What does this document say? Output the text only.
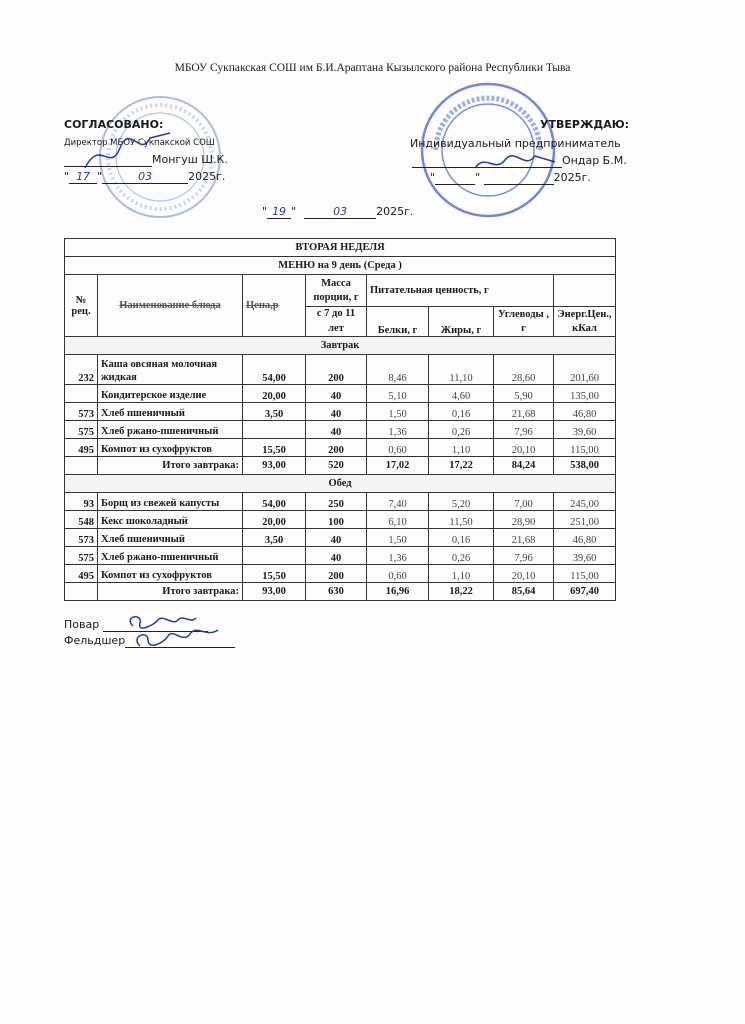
МБОУ Сукпакская СОШ им Б.И.Араптана Кызылского района Республики Тыва
СОГЛАСОВАНО:
Директор МБОУ Сукпакской СОШ
Монгуш Ш.К.
" 17 "	03	2025г.
УТВЕРЖДАЮ:
Индивидуальный предприниматель
Ондар Б.М.
"	"	2025г.
" 19 "	03	2025г.
ВТОРАЯ НЕДЕЛЯ							
МЕНЮ на 9 день (Среда )							
№ рец.	Наименование блюда	Цена,р	Масса порции, г	Питательная ценность, г			
			с 7 до 11 лет	Белки, г	Жиры, г	Углеводы , г	Энерг.Цен., кКал
Завтрак							
232	Каша овсяная молочная жидкая	54,00	200	8,46	11,10	28,60	201,60
	Кондитерское изделие	20,00	40	5,10	4,60	5,90	135,00
573	Хлеб пшеничный	3,50	40	1,50	0,16	21,68	46,80
575	Хлеб ржано-пшеничный		40	1,36	0,26	7,96	39,60
495	Компот из сухофруктов	15,50	200	0,60	1,10	20,10	115,00
	Итого завтрака:	93,00	520	17,02	17,22	84,24	538,00
Обед							
93	Борщ из свежей капусты	54,00	250	7,40	5,20	7,00	245,00
548	Кекс шоколадный	20,00	100	6,10	11,50	28,90	251,00
573	Хлеб пшеничный	3,50	40	1,50	0,16	21,68	46,80
575	Хлеб ржано-пшеничный		40	1,36	0,26	7,96	39,60
495	Компот из сухофруктов	15,50	200	0,60	1,10	20,10	115,00
	Итого завтрака:	93,00	630	16,96	18,22	85,64	697,40
Повар
Фельдшер
